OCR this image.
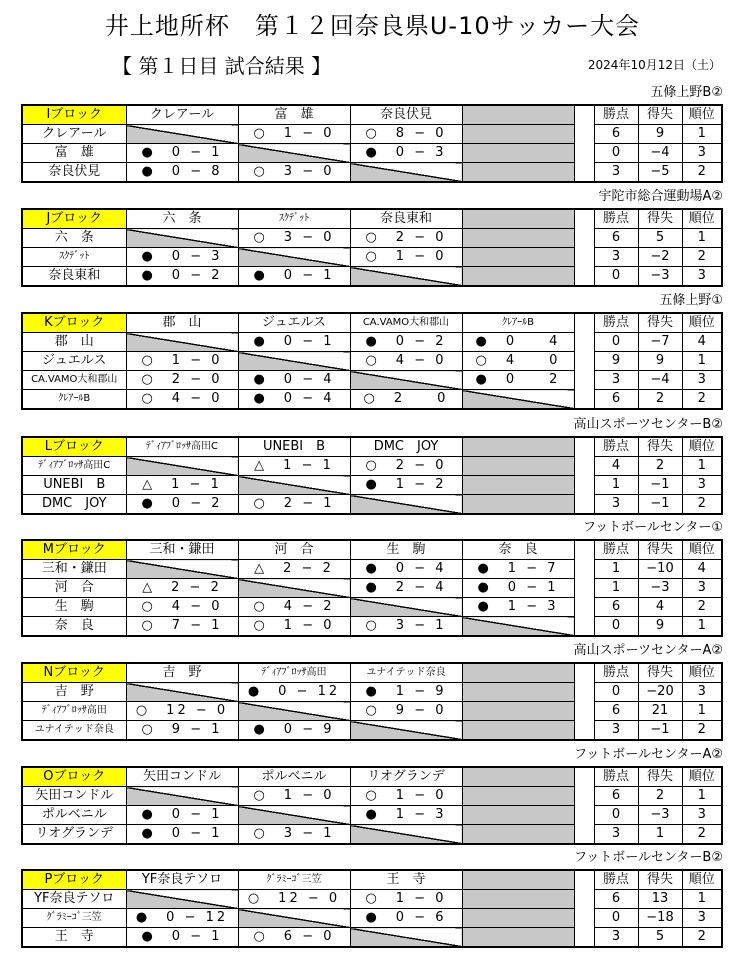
井上地所杯　第１２回奈良県U-10サッカー大会
【 第１日目 試合結果 】	2024年10月12日（土）
五條上野B②
Ⅰブロック	クレアール	富　雄	奈良伏見			勝点	得失	順位
クレアール		○　1 − 0	○　8 − 0			6	9	1
富　雄	●　0 − 1		●　0 − 3			0	−4	3
奈良伏見	●　0 − 8	○　3 − 0				3	−5	2
宇陀市総合運動場A②
Jブロック	六　条	ｽｸﾃﾞｯﾄ	奈良東和			勝点	得失	順位
六　条		○　3 − 0	○　2 − 0			6	5	1
ｽｸﾃﾞｯﾄ	●　0 − 3		○　1 − 0			3	−2	2
奈良東和	●　0 − 2	●　0 − 1				0	−3	3
五條上野①
Kブロック	郡　山	ジュエルス	CA.VAMO大和郡山	ｸﾚｱｰﾙB		勝点	得失	順位
郡　山		●　0 − 1	●　0 − 2	●　0　　4		0	−7	4
ジュエルス	○　1 − 0		○　4 − 0	○　4　　0		9	9	1
CA.VAMO大和郡山	○　2 − 0	●　0 − 4		●　0　　2		3	−4	3
ｸﾚｱｰﾙB	○　4 − 0	●　0 − 4	○　2　　0			6	2	2
高山スポーツセンターB②
Lブロック	ﾃﾞｨｱﾌﾞﾛｯｻ高田C	UNEBI　B	DMC　JOY			勝点	得失	順位
ﾃﾞｨｱﾌﾞﾛｯｻ高田C		△　1 − 1	○　2 − 0			4	2	1
UNEBI　B	△　1 − 1		●　1 − 2			1	−1	3
DMC　JOY	●　0 − 2	○　2 − 1				3	−1	2
フットボールセンター①
Mブロック	三和・鎌田	河　合	生　駒	奈　良		勝点	得失	順位
三和・鎌田		△　2 − 2	●　0 − 4	●　1 − 7		1	−10	4
河　合	△　2 − 2		●　2 − 4	●　0 − 1		1	−3	3
生　駒	○　4 − 0	○　4 − 2		●　1 − 3		6	4	2
奈　良	○　7 − 1	○　1 − 0	○　3 − 1			0	9	1
高山スポーツセンターA②
Nブロック	吉　野	ﾃﾞｨｱﾌﾞﾛｯｻ高田	ユナイテッド奈良			勝点	得失	順位
吉　野		●　0 − 12	●　1 − 9			0	−20	3
ﾃﾞｨｱﾌﾞﾛｯｻ高田	○　12 − 0		○　9 − 0			6	21	1
ユナイテッド奈良	○　9 − 1	●　0 − 9				3	−1	2
フットボールセンターA②
Oブロック	矢田コンドル	ポルベニル	リオグランデ			勝点	得失	順位
矢田コンドル		○　1 − 0	○　1 − 0			6	2	1
ポルベニル	●　0 − 1		●　1 − 3			0	−3	3
リオグランデ	●　0 − 1	○　3 − 1				3	1	2
フットボールセンターB②
Pブロック	YF奈良テソロ	ｸﾞﾗﾐｰｺﾞ三笠	王　寺			勝点	得失	順位
YF奈良テソロ		○　12 − 0	○　1 − 0			6	13	1
ｸﾞﾗﾐｰｺﾞ三笠	●　0 − 12		●　0 − 6			0	−18	3
王　寺	●　0 − 1	○　6 − 0				3	5	2
